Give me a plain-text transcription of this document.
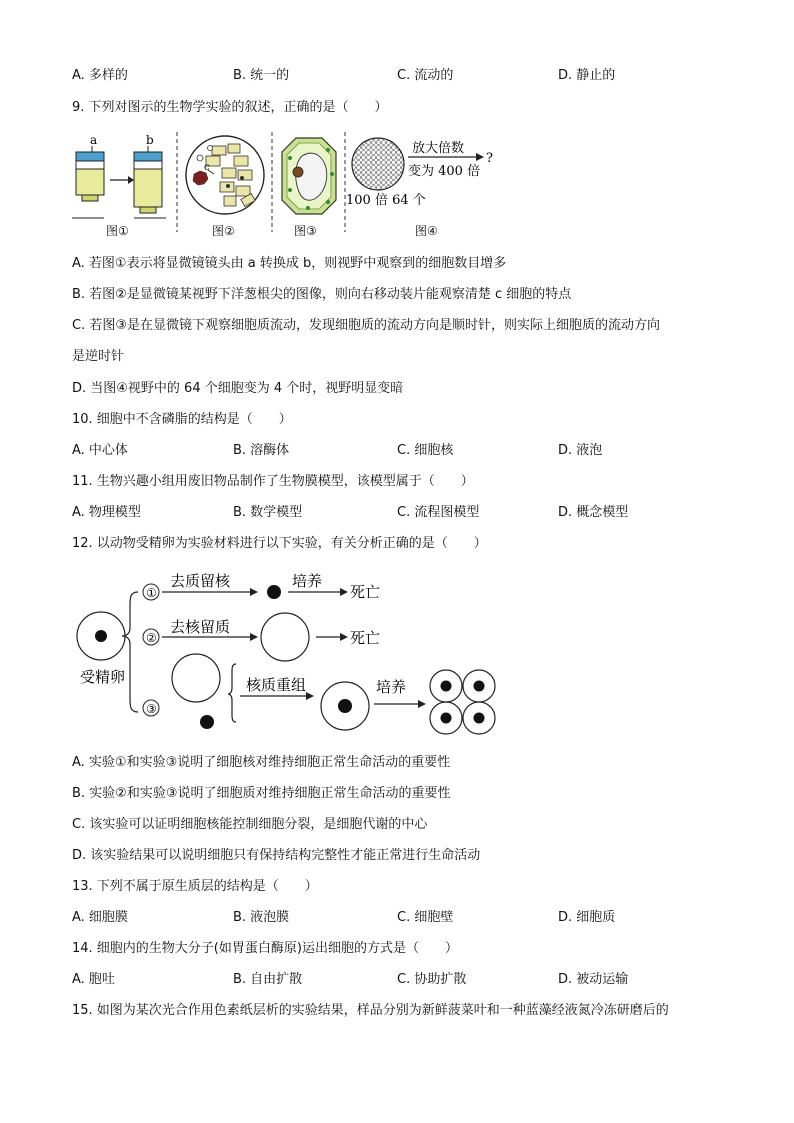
A. 多样的	B. 统一的	C. 流动的	D. 静止的
9. 下列对图示的生物学实验的叙述，正确的是（　　）
a	b
c
放大倍数
?
变为 400 倍
100 倍 64 个
图①	图②	图③	图④
A. 若图①表示将显微镜镜头由 a 转换成 b，则视野中观察到的细胞数目增多
B. 若图②是显微镜某视野下洋葱根尖的图像，则向右移动装片能观察清楚 c 细胞的特点
C. 若图③是在显微镜下观察细胞质流动，发现细胞质的流动方向是顺时针，则实际上细胞质的流动方向
是逆时针
D. 当图④视野中的 64 个细胞变为 4 个时，视野明显变暗
10. 细胞中不含磷脂的结构是（　　）
A. 中心体	B. 溶酶体	C. 细胞核	D. 液泡
11. 生物兴趣小组用废旧物品制作了生物膜模型，该模型属于（　　）
A. 物理模型	B. 数学模型	C. 流程图模型	D. 概念模型
12. 以动物受精卵为实验材料进行以下实验，有关分析正确的是（　　）
受精卵
①
去质留核	培养
死亡
②
去核留质
死亡
③
核质重组	培养
A. 实验①和实验③说明了细胞核对维持细胞正常生命活动的重要性
B. 实验②和实验③说明了细胞质对维持细胞正常生命活动的重要性
C. 该实验可以证明细胞核能控制细胞分裂，是细胞代谢的中心
D. 该实验结果可以说明细胞只有保持结构完整性才能正常进行生命活动
13. 下列不属于原生质层的结构是（　　）
A. 细胞膜	B. 液泡膜	C. 细胞壁	D. 细胞质
14. 细胞内的生物大分子(如胃蛋白酶原)运出细胞的方式是（　　）
A. 胞吐	B. 自由扩散	C. 协助扩散	D. 被动运输
15. 如图为某次光合作用色素纸层析的实验结果，样品分别为新鲜菠菜叶和一种蓝藻经液氮冷冻研磨后的
